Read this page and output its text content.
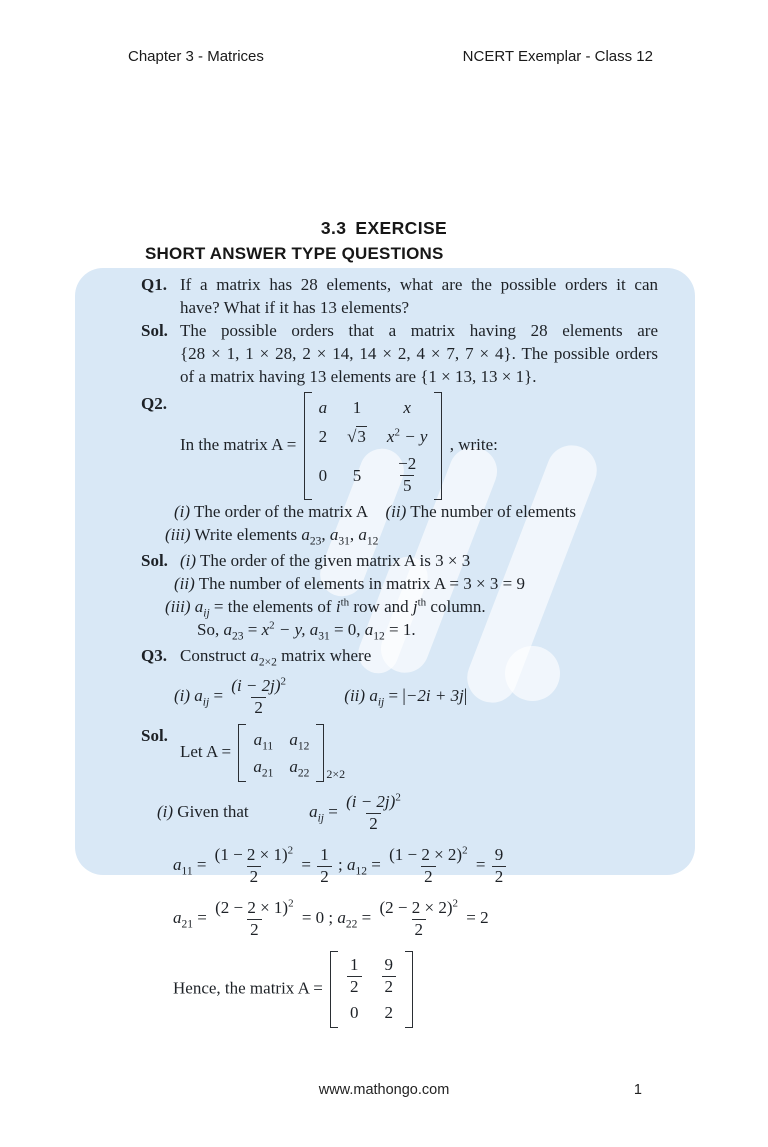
Chapter 3 - Matrices	NCERT Exemplar - Class 12
3.3 EXERCISE
SHORT ANSWER TYPE QUESTIONS
Q1. If a matrix has 28 elements, what are the possible orders it can
have? What if it has 13 elements?
Sol. The possible orders that a matrix having 28 elements are
{28 × 1, 1 × 28, 2 × 14, 14 × 2, 4 × 7, 7 × 4}. The possible orders
of a matrix having 13 elements are {1 × 13, 13 × 1}.
Q2.
In the matrix A =
a 1 x
2 √3 $x^2 - y$
0 $5 \frac{-2}{5}$
, write:
(i) The order of the matrix A (ii) The number of elements
(iii) Write elements $a_{23}$, $a_{31}$, $a_{12}$
Sol. (i) The order of the given matrix A is 3 × 3
(ii) The number of elements in matrix A = 3 × 3 = 9
(iii) $a_{ij}$ = the elements of $i^{th}$ row and $j^{th}$ column.
So, $a_{23} = x^2 - y$, $a_{31} = 0$, $a_{12} = 1$.
Q3. Construct $a_{2\times 2}$ matrix where
(i) $a_{ij} = \frac{(i - 2j)^2}{2}$	(ii) $a_{ij} = |-2i + 3j|$
Sol.
Let A =
$a_{11}$ $a_{12}$
$a_{21}$ $a_{22}$ 2×2
(i) Given that	$a_{ij} = \frac{(i - 2j)^2}{2}$
$a_{11} = \frac{(1 - 2 \times 1)^2}{2} = \frac{1}{2}$ ; $a_{12} = \frac{(1 - 2 \times 2)^2}{2} = \frac{9}{2}$
$a_{21} = \frac{(2 - 2 \times 1)^2}{2} = 0$ ; $a_{22} = \frac{(2 - 2 \times 2)^2}{2} = 2$
Hence, the matrix $A = \frac{1}{2} \frac{9}{2}$
0 2
www.mathongo.com	1
